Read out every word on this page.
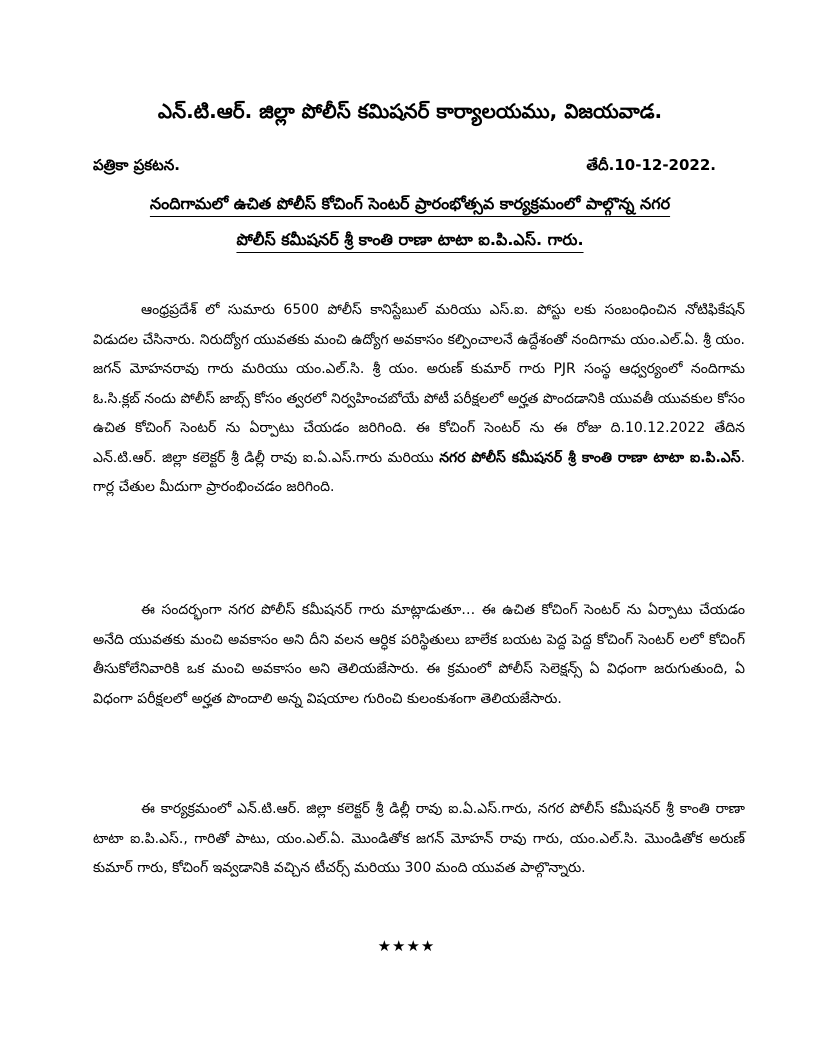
ఎన్.టి.ఆర్. జిల్లా పోలీస్ కమిషనర్ కార్యాలయము, విజయవాడ.
పత్రికా ప్రకటన.	తేదీ.10-12-2022.
నందిగామలో ఉచిత పోలీస్ కోచింగ్ సెంటర్ ప్రారంభోత్సవ కార్యక్రమంలో పాల్గొన్న నగర
పోలీస్ కమీషనర్ శ్రీ కాంతి రాణా టాటా ఐ.పి.ఎస్. గారు.

ఆంధ్రప్రదేశ్ లో సుమారు 6500 పోలీస్ కానిస్టేబుల్ మరియు ఎస్.ఐ. పోస్టు లకు సంబంధించిన నోటిఫికేషన్ విడుదల చేసినారు. నిరుద్యోగ యువతకు మంచి ఉద్యోగ అవకాసం కల్పించాలనే ఉద్దేశంతో నందిగామ యం.ఎల్.ఏ. శ్రీ యం. జగన్ మోహనరావు గారు మరియు యం.ఎల్.సి. శ్రీ యం. అరుణ్ కుమార్ గారు PJR సంస్థ ఆధ్వర్యంలో నందిగామ ఓ.సి.క్లబ్ నందు పోలీస్ జాబ్స్ కోసం త్వరలో నిర్వహించబోయే పోటీ పరీక్షలలో అర్హత పొందడానికి యువతీ యువకుల కోసం ఉచిత కోచింగ్ సెంటర్ ను ఏర్పాటు చేయడం జరిగింది. ఈ కోచింగ్ సెంటర్ ను ఈ రోజు ది.10.12.2022 తేదిన ఎన్.టి.ఆర్. జిల్లా కలెక్టర్ శ్రీ డిల్లీ రావు ఐ.ఏ.ఎస్.గారు మరియు నగర పోలీస్ కమీషనర్ శ్రీ కాంతి రాణా టాటా ఐ.పి.ఎస్. గార్ల చేతుల మీదుగా ప్రారంభించడం జరిగింది.

ఈ సందర్భంగా నగర పోలీస్ కమీషనర్ గారు మాట్లాడుతూ… ఈ ఉచిత కోచింగ్ సెంటర్ ను ఏర్పాటు చేయడం అనేది యువతకు మంచి అవకాసం అని దీని వలన ఆర్ధిక పరిస్థితులు బాలేక బయట పెద్ద పెద్ద కోచింగ్ సెంటర్ లలో కోచింగ్ తీసుకోలేనివారికి ఒక మంచి అవకాసం అని తెలియజేసారు. ఈ క్రమంలో పోలీస్ సెలెక్షన్స్ ఏ విధంగా జరుగుతుంది, ఏ విధంగా పరీక్షలలో అర్హత పొందాలి అన్న విషయాల గురించి కులంకుశంగా తెలియజేసారు.

ఈ కార్యక్రమంలో ఎన్.టి.ఆర్. జిల్లా కలెక్టర్ శ్రీ డిల్లీ రావు ఐ.ఏ.ఎస్.గారు, నగర పోలీస్ కమీషనర్ శ్రీ కాంతి రాణా టాటా ఐ.పి.ఎస్., గారితో పాటు, యం.ఎల్.ఏ. మొండితోక జగన్ మోహన్ రావు గారు, యం.ఎల్.సి. మొండితోక అరుణ్ కుమార్ గారు, కోచింగ్ ఇవ్వడానికి వచ్చిన టీచర్స్ మరియు 300 మంది యువత పాల్గొన్నారు.

★★★★
